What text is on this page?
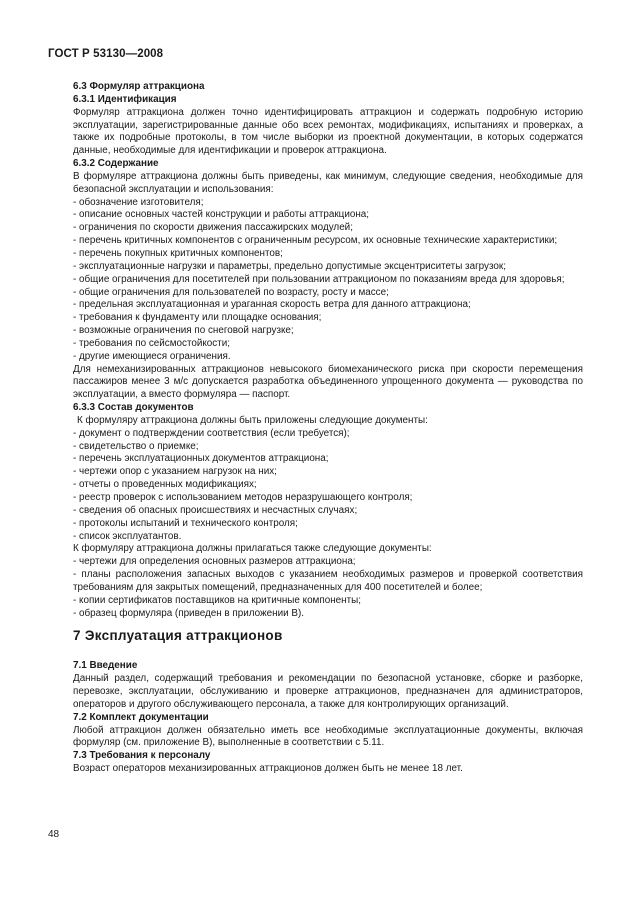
ГОСТ Р 53130—2008

6.3 Формуляр аттракциона

6.3.1 Идентификация

Формуляр аттракциона должен точно идентифицировать аттракцион и содержать подробную историю эксплуатации, зарегистрированные данные обо всех ремонтах, модификациях, испытаниях и проверках, а также их подробные протоколы, в том числе выборки из проектной документации, в которых содержатся данные, необходимые для идентификации и проверок аттракциона.

6.3.2 Содержание

В формуляре аттракциона должны быть приведены, как минимум, следующие сведения, необходимые для безопасной эксплуатации и использования:

- обозначение изготовителя;

- описание основных частей конструкции и работы аттракциона;

- ограничения по скорости движения пассажирских модулей;

- перечень критичных компонентов с ограниченным ресурсом, их основные технические характеристики;

- перечень покупных критичных компонентов;

- эксплуатационные нагрузки и параметры, предельно допустимые эксцентриситеты загрузок;

- общие ограничения для посетителей при пользовании аттракционом по показаниям вреда для здоровья;

- общие ограничения для пользователей по возрасту, росту и массе;

- предельная эксплуатационная и ураганная скорость ветра для данного аттракциона;

- требования к фундаменту или площадке основания;

- возможные ограничения по снеговой нагрузке;

- требования по сейсмостойкости;

- другие имеющиеся ограничения.

Для немеханизированных аттракционов невысокого биомеханического риска при скорости перемещения пассажиров менее 3 м/с допускается разработка объединенного упрощенного документа — руководства по эксплуатации, а вместо формуляра — паспорт.

6.3.3 Состав документов

К формуляру аттракциона должны быть приложены следующие документы:

- документ о подтверждении соответствия (если требуется);

- свидетельство о приемке;

- перечень эксплуатационных документов аттракциона;

- чертежи опор с указанием нагрузок на них;

- отчеты о проведенных модификациях;

- реестр проверок с использованием методов неразрушающего контроля;

- сведения об опасных происшествиях и несчастных случаях;

- протоколы испытаний и технического контроля;

- список эксплуатантов.

К формуляру аттракциона должны прилагаться также следующие документы:

- чертежи для определения основных размеров аттракциона;

- планы расположения запасных выходов с указанием необходимых размеров и проверкой соответствия требованиям для закрытых помещений, предназначенных для 400 посетителей и более;

- копии сертификатов поставщиков на критичные компоненты;

- образец формуляра (приведен в приложении В).

7 Эксплуатация аттракционов

7.1 Введение

Данный раздел, содержащий требования и рекомендации по безопасной установке, сборке и разборке, перевозке, эксплуатации, обслуживанию и проверке аттракционов, предназначен для администраторов, операторов и другого обслуживающего персонала, а также для контролирующих организаций.

7.2 Комплект документации

Любой аттракцион должен обязательно иметь все необходимые эксплуатационные документы, включая формуляр (см. приложение В), выполненные в соответствии с 5.11.

7.3 Требования к персоналу

Возраст операторов механизированных аттракционов должен быть не менее 18 лет.

48
